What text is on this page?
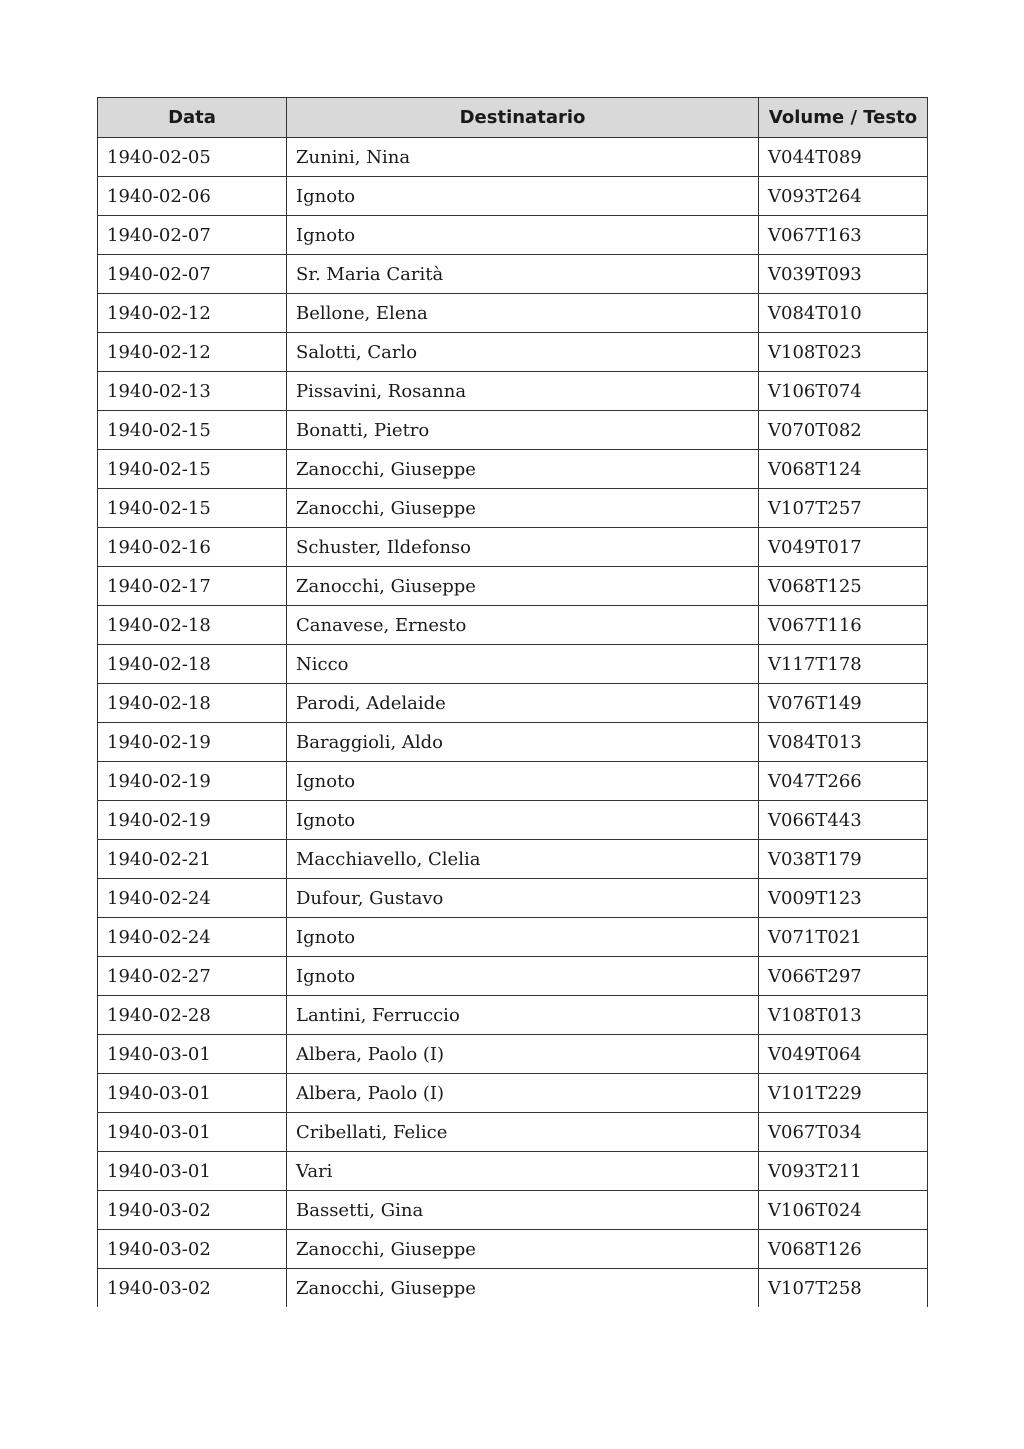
Data	Destinatario	Volume / Testo
1940-02-05	Zunini, Nina	V044T089
1940-02-06	Ignoto	V093T264
1940-02-07	Ignoto	V067T163
1940-02-07	Sr. Maria Carità	V039T093
1940-02-12	Bellone, Elena	V084T010
1940-02-12	Salotti, Carlo	V108T023
1940-02-13	Pissavini, Rosanna	V106T074
1940-02-15	Bonatti, Pietro	V070T082
1940-02-15	Zanocchi, Giuseppe	V068T124
1940-02-15	Zanocchi, Giuseppe	V107T257
1940-02-16	Schuster, Ildefonso	V049T017
1940-02-17	Zanocchi, Giuseppe	V068T125
1940-02-18	Canavese, Ernesto	V067T116
1940-02-18	Nicco	V117T178
1940-02-18	Parodi, Adelaide	V076T149
1940-02-19	Baraggioli, Aldo	V084T013
1940-02-19	Ignoto	V047T266
1940-02-19	Ignoto	V066T443
1940-02-21	Macchiavello, Clelia	V038T179
1940-02-24	Dufour, Gustavo	V009T123
1940-02-24	Ignoto	V071T021
1940-02-27	Ignoto	V066T297
1940-02-28	Lantini, Ferruccio	V108T013
1940-03-01	Albera, Paolo (I)	V049T064
1940-03-01	Albera, Paolo (I)	V101T229
1940-03-01	Cribellati, Felice	V067T034
1940-03-01	Vari	V093T211
1940-03-02	Bassetti, Gina	V106T024
1940-03-02	Zanocchi, Giuseppe	V068T126
1940-03-02	Zanocchi, Giuseppe	V107T258
